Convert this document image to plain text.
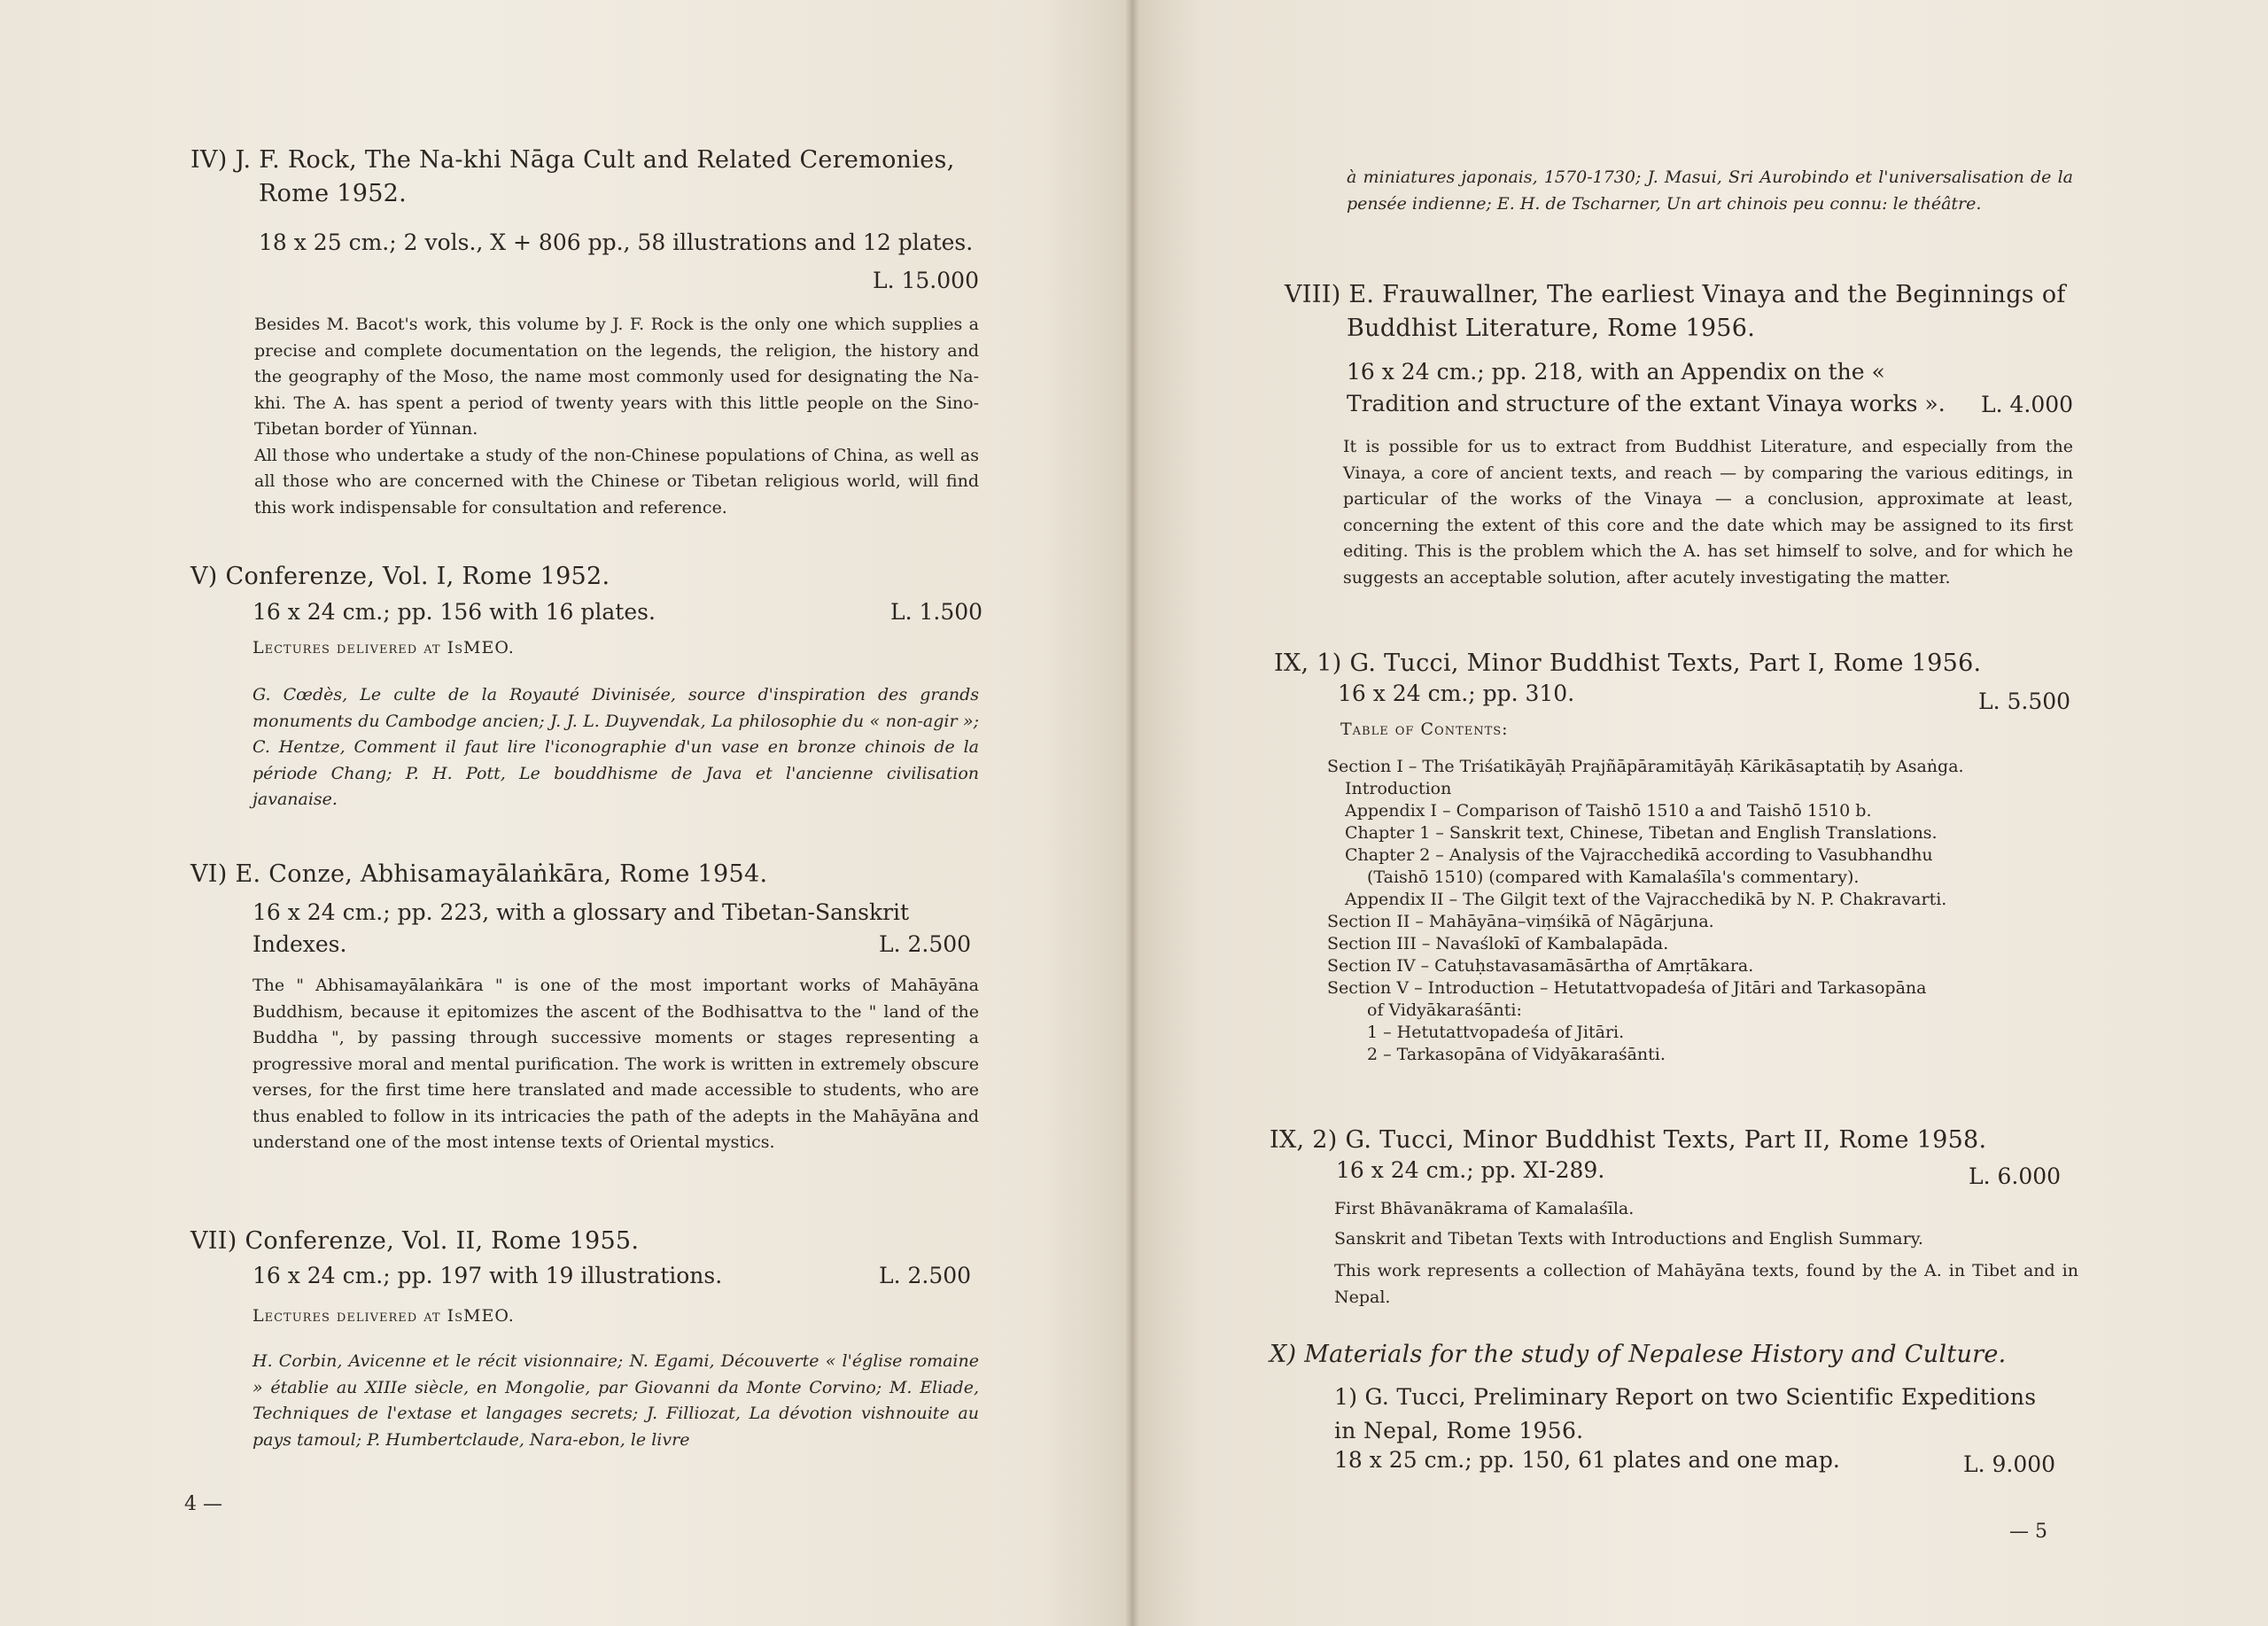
IV) J. F. Rock, The Na-khi Nāga Cult and Related Ceremonies,
Rome 1952.
18 x 25 cm.; 2 vols., X + 806 pp., 58 illustrations and 12 plates.
L. 15.000

Besides M. Bacot's work, this volume by J. F. Rock is the only one which supplies a precise and complete documentation on the legends, the religion, the history and the geography of the Moso, the name most commonly used for designating the Na-khi. The A. has spent a period of twenty years with this little people on the Sino-Tibetan border of Yünnan.

All those who undertake a study of the non-Chinese populations of China, as well as all those who are concerned with the Chinese or Tibetan religious world, will find this work indispensable for consultation and reference.

V) Conferenze, Vol. I, Rome 1952.
16 x 24 cm.; pp. 156 with 16 plates.	L. 1.500
Lectures delivered at IsMEO.
G. Cœdès, Le culte de la Royauté Divinisée, source d'inspiration des grands monuments du Cambodge ancien; J. J. L. Duyvendak, La philosophie du « non-agir »; C. Hentze, Comment il faut lire l'iconographie d'un vase en bronze chinois de la période Chang; P. H. Pott, Le bouddhisme de Java et l'ancienne civilisation javanaise.
VI) E. Conze, Abhisamayālaṅkāra, Rome 1954.
16 x 24 cm.; pp. 223, with a glossary and Tibetan-Sanskrit Indexes.	L. 2.500
The " Abhisamayālaṅkāra " is one of the most important works of Mahāyāna Buddhism, because it epitomizes the ascent of the Bodhisattva to the " land of the Buddha ", by passing through successive moments or stages representing a progressive moral and mental purification. The work is written in extremely obscure verses, for the first time here translated and made accessible to students, who are thus enabled to follow in its intricacies the path of the adepts in the Mahāyāna and understand one of the most intense texts of Oriental mystics.
VII) Conferenze, Vol. II, Rome 1955.
16 x 24 cm.; pp. 197 with 19 illustrations.	L. 2.500
Lectures delivered at IsMEO.
H. Corbin, Avicenne et le récit visionnaire; N. Egami, Découverte « l'église romaine » établie au XIIIe siècle, en Mongolie, par Giovanni da Monte Corvino; M. Eliade, Techniques de l'extase et langages secrets; J. Filliozat, La dévotion vishnouite au pays tamoul; P. Humbertclaude, Nara-ebon, le livre
4 —
à miniatures japonais, 1570-1730; J. Masui, Sri Aurobindo et l'universalisation de la pensée indienne; E. H. de Tscharner, Un art chinois peu connu: le théâtre.
VIII) E. Frauwallner, The earliest Vinaya and the Beginnings of
Buddhist Literature, Rome 1956.
16 x 24 cm.; pp. 218, with an Appendix on the « Tradition and structure of the extant Vinaya works ».	L. 4.000
It is possible for us to extract from Buddhist Literature, and especially from the Vinaya, a core of ancient texts, and reach — by comparing the various editings, in particular of the works of the Vinaya — a conclusion, approximate at least, concerning the extent of this core and the date which may be assigned to its first editing. This is the problem which the A. has set himself to solve, and for which he suggests an acceptable solution, after acutely investigating the matter.
IX, 1) G. Tucci, Minor Buddhist Texts, Part I, Rome 1956.
16 x 24 cm.; pp. 310.	L. 5.500
Table of Contents:
Section I – The Triśatikāyāḥ Prajñāpāramitāyāḥ Kārikāsaptatiḥ by Asaṅga.
Introduction
Appendix I – Comparison of Taishō 1510 a and Taishō 1510 b.
Chapter 1 – Sanskrit text, Chinese, Tibetan and English Translations.
Chapter 2 – Analysis of the Vajracchedikā according to Vasubhandhu
(Taishō 1510) (compared with Kamalaśīla's commentary).
Appendix II – The Gilgit text of the Vajracchedikā by N. P. Chakravarti.
Section II – Mahāyāna–viṃśikā of Nāgārjuna.
Section III – Navaślokī of Kambalapāda.
Section IV – Catuḥstavasamāsārtha of Amṛtākara.
Section V – Introduction – Hetutattvopadeśa of Jitāri and Tarkasopāna
of Vidyākaraśānti:
1 – Hetutattvopadeśa of Jitāri.
2 – Tarkasopāna of Vidyākaraśānti.
IX, 2) G. Tucci, Minor Buddhist Texts, Part II, Rome 1958.
16 x 24 cm.; pp. XI-289.	L. 6.000
First Bhāvanākrama of Kamalaśīla.
Sanskrit and Tibetan Texts with Introductions and English Summary.
This work represents a collection of Mahāyāna texts, found by the A. in Tibet and in Nepal.
X) Materials for the study of Nepalese History and Culture.
1) G. Tucci, Preliminary Report on two Scientific Expeditions in Nepal, Rome 1956.
18 x 25 cm.; pp. 150, 61 plates and one map.	L. 9.000
— 5
